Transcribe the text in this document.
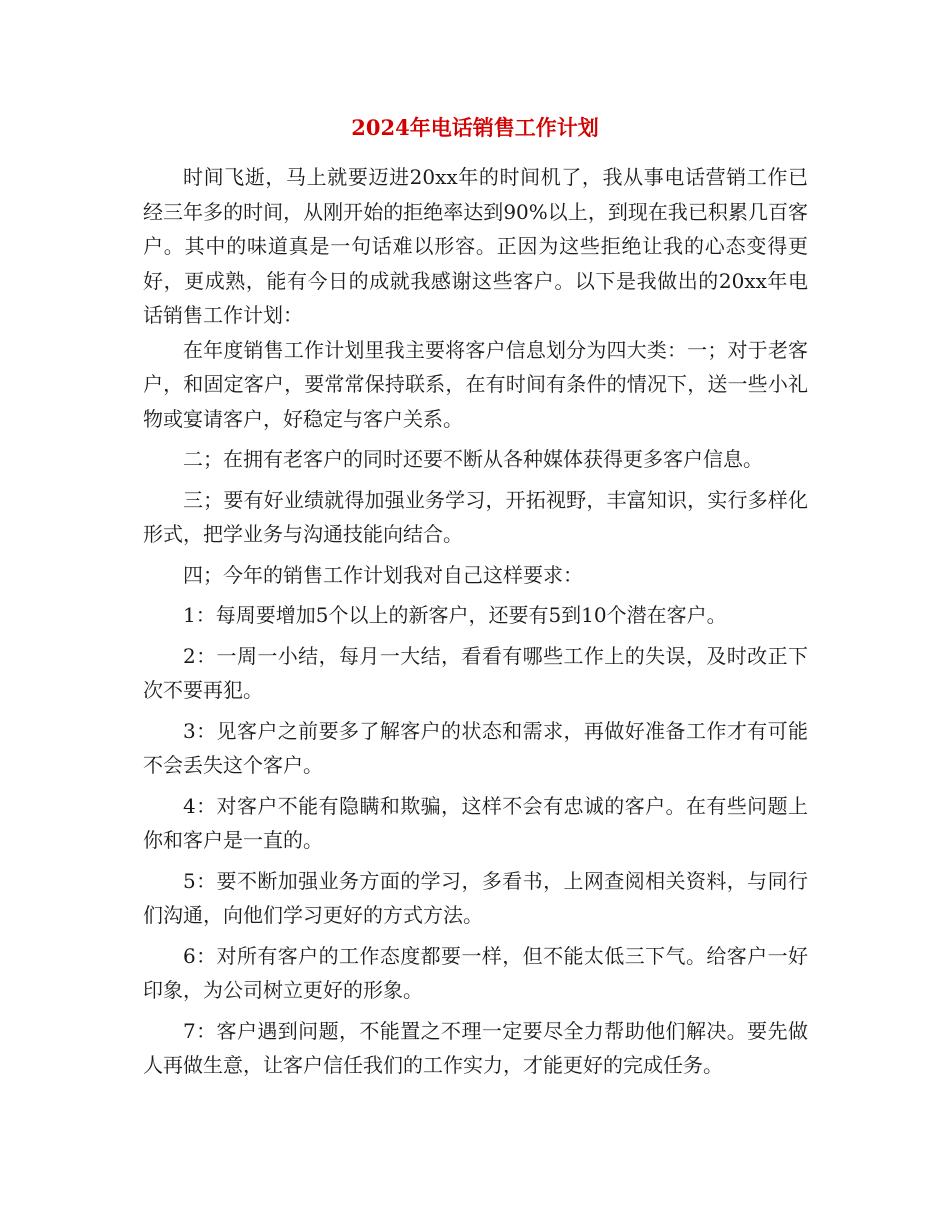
2024年电话销售工作计划

时间飞逝，马上就要迈进20xx年的时间机了，我从事电话营销工作已经三年多的时间，从刚开始的拒绝率达到90%以上，到现在我已积累几百客户。其中的味道真是一句话难以形容。正因为这些拒绝让我的心态变得更好，更成熟，能有今日的成就我感谢这些客户。以下是我做出的20xx年电话销售工作计划：

在年度销售工作计划里我主要将客户信息划分为四大类：一；对于老客户，和固定客户，要常常保持联系，在有时间有条件的情况下，送一些小礼物或宴请客户，好稳定与客户关系。

二；在拥有老客户的同时还要不断从各种媒体获得更多客户信息。

三；要有好业绩就得加强业务学习，开拓视野，丰富知识，实行多样化形式，把学业务与沟通技能向结合。

四；今年的销售工作计划我对自己这样要求：

1：每周要增加5个以上的新客户，还要有5到10个潜在客户。

2：一周一小结，每月一大结，看看有哪些工作上的失误，及时改正下次不要再犯。

3：见客户之前要多了解客户的状态和需求，再做好准备工作才有可能不会丢失这个客户。

4：对客户不能有隐瞒和欺骗，这样不会有忠诚的客户。在有些问题上你和客户是一直的。

5：要不断加强业务方面的学习，多看书，上网查阅相关资料，与同行们沟通，向他们学习更好的方式方法。

6：对所有客户的工作态度都要一样，但不能太低三下气。给客户一好印象，为公司树立更好的形象。

7：客户遇到问题，不能置之不理一定要尽全力帮助他们解决。要先做人再做生意，让客户信任我们的工作实力，才能更好的完成任务。
